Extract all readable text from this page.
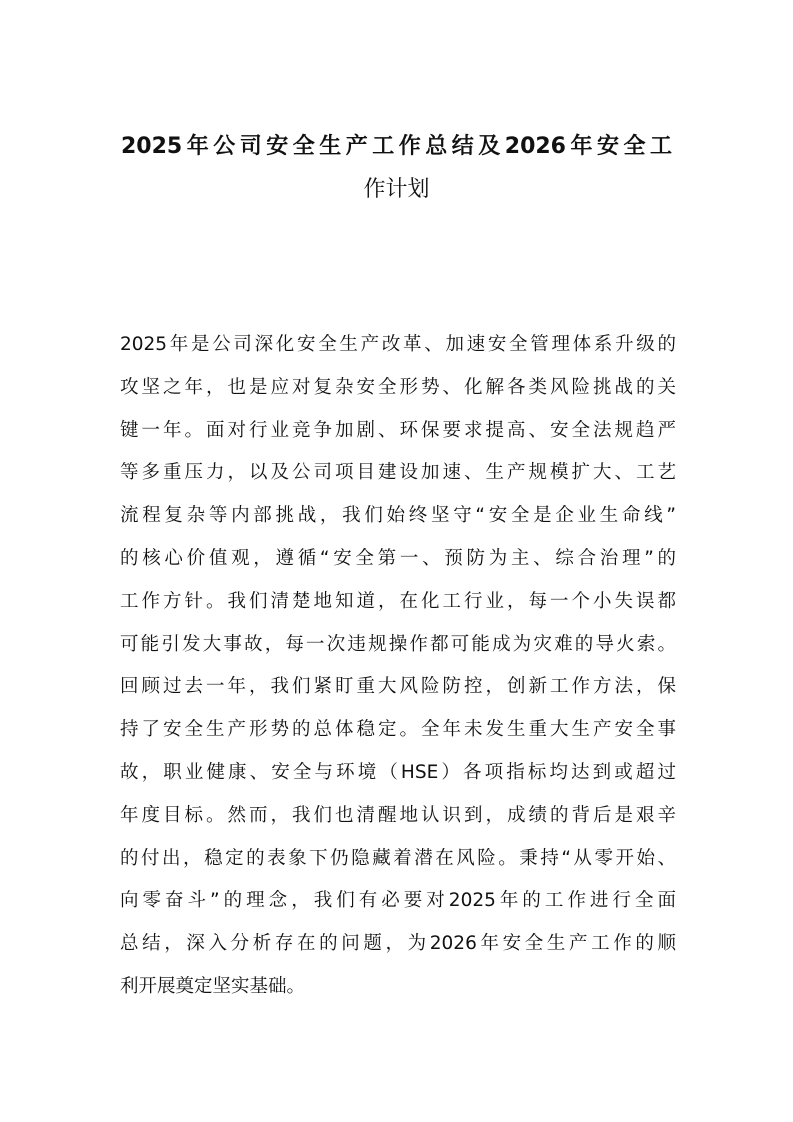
2025年公司安全生产工作总结及2026年安全工
作计划
2025年是公司深化安全生产改革、加速安全管理体系升级的
攻坚之年，也是应对复杂安全形势、化解各类风险挑战的关
键一年。面对行业竞争加剧、环保要求提高、安全法规趋严
等多重压力，以及公司项目建设加速、生产规模扩大、工艺
流程复杂等内部挑战，我们始终坚守“安全是企业生命线”
的核心价值观，遵循“安全第一、预防为主、综合治理”的
工作方针。我们清楚地知道，在化工行业，每一个小失误都
可能引发大事故，每一次违规操作都可能成为灾难的导火索。
回顾过去一年，我们紧盯重大风险防控，创新工作方法，保
持了安全生产形势的总体稳定。全年未发生重大生产安全事
故，职业健康、安全与环境（HSE）各项指标均达到或超过
年度目标。然而，我们也清醒地认识到，成绩的背后是艰辛
的付出，稳定的表象下仍隐藏着潜在风险。秉持“从零开始、
向零奋斗”的理念，我们有必要对2025年的工作进行全面
总结，深入分析存在的问题，为2026年安全生产工作的顺
利开展奠定坚实基础。
